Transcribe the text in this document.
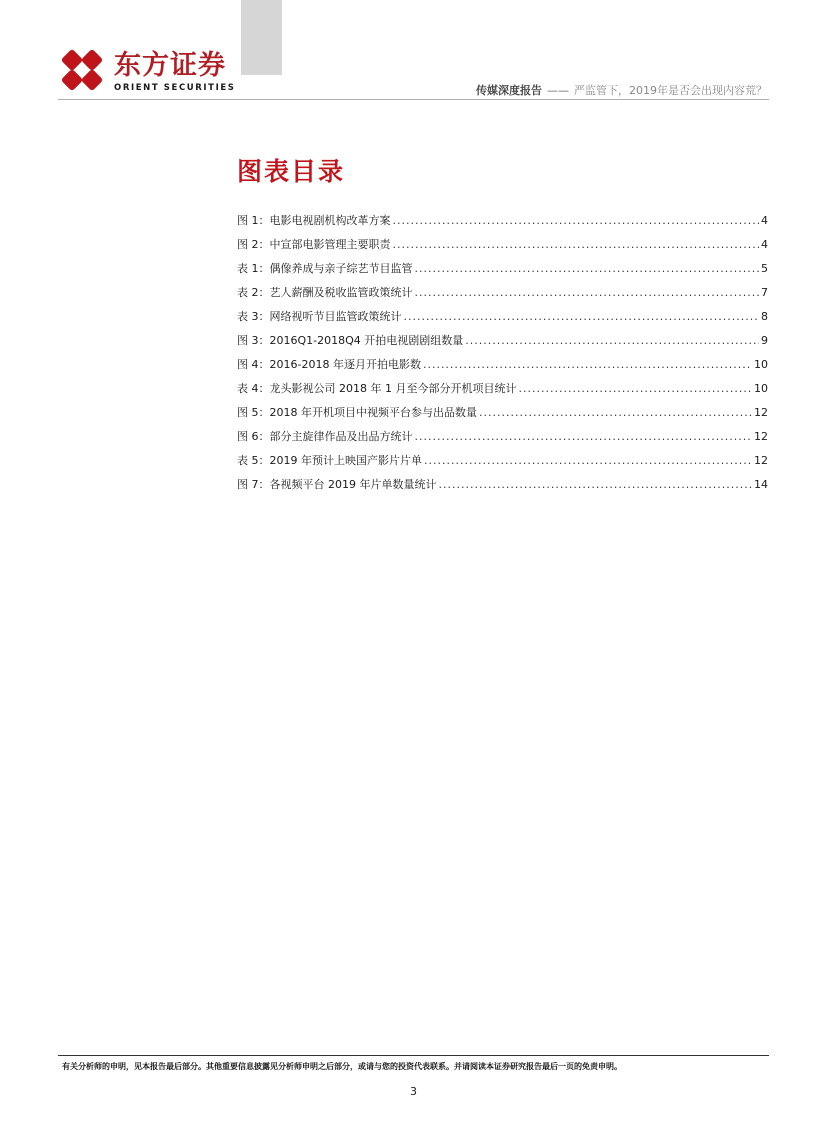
东方证券
ORIENT SECURITIES	传媒深度报告 —— 严监管下，2019年是否会出现内容荒？
图表目录
图 1：电影电视剧机构改革方案 .....	4
图 2：中宣部电影管理主要职责 .....	4
表 1：偶像养成与亲子综艺节目监管 .....	5
表 2：艺人薪酬及税收监管政策统计 .....	7
表 3：网络视听节目监管政策统计 .....	8
图 3：2016Q1-2018Q4 开拍电视剧剧组数量 .....	9
图 4：2016-2018 年逐月开拍电影数 .....	10
表 4：龙头影视公司 2018 年 1 月至今部分开机项目统计 .....	10
图 5：2018 年开机项目中视频平台参与出品数量 .....	12
图 6：部分主旋律作品及出品方统计 .....	12
表 5：2019 年预计上映国产影片片单 .....	12
图 7：各视频平台 2019 年片单数量统计 .....	14
有关分析师的申明，见本报告最后部分。其他重要信息披露见分析师申明之后部分，或请与您的投资代表联系。并请阅读本证券研究报告最后一页的免责申明。
3
